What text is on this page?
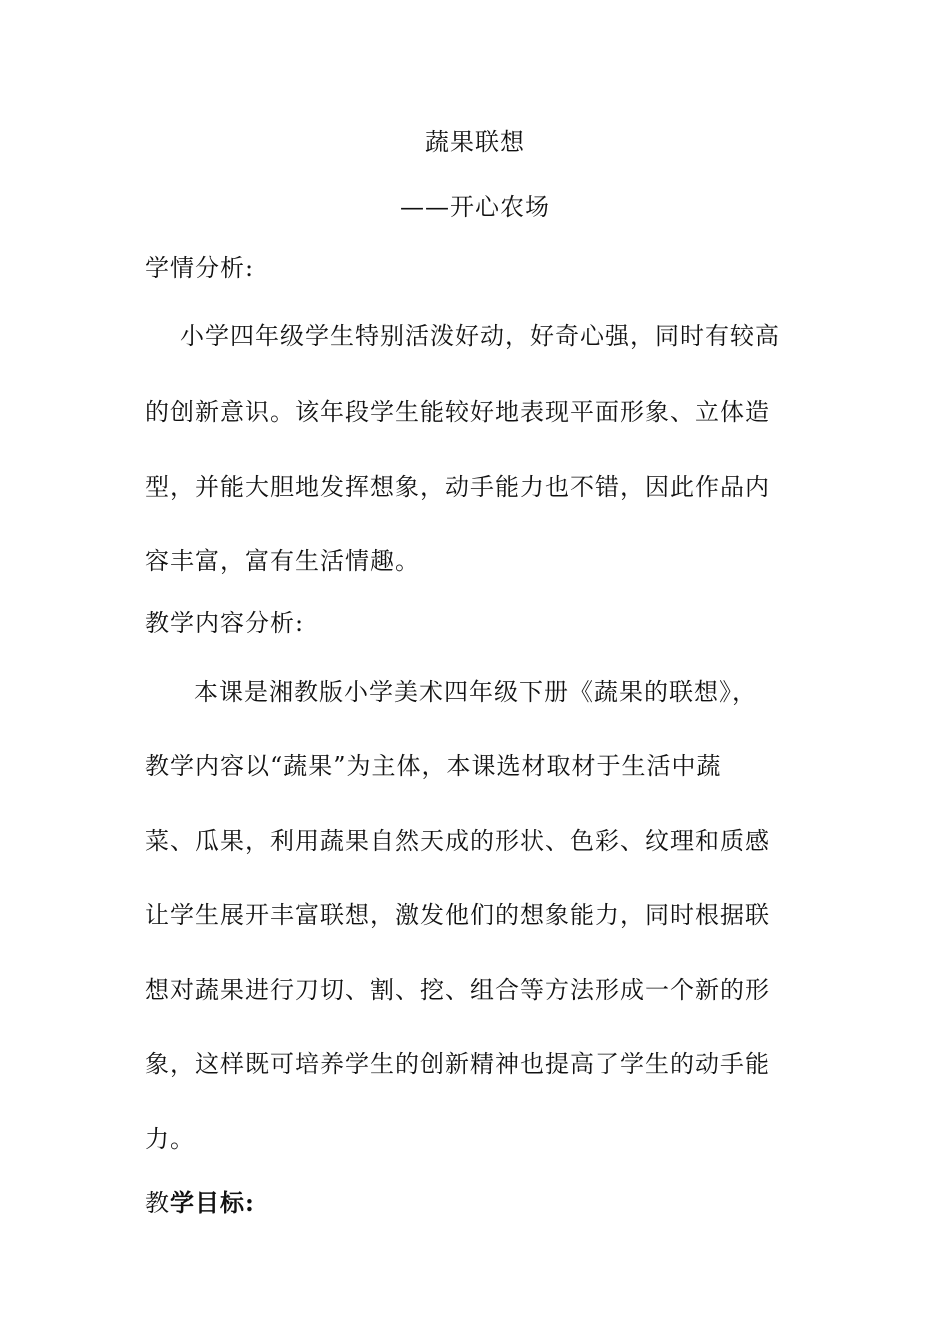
蔬果联想
——开心农场
学情分析:
小学四年级学生特别活泼好动，好奇心强，同时有较高
的创新意识。该年段学生能较好地表现平面形象、立体造
型，并能大胆地发挥想象，动手能力也不错，因此作品内
容丰富，富有生活情趣。
教学内容分析:
本课是湘教版小学美术四年级下册《蔬果的联想》，
教学内容以“蔬果”为主体，本课选材取材于生活中蔬
菜、瓜果，利用蔬果自然天成的形状、色彩、纹理和质感
让学生展开丰富联想，激发他们的想象能力，同时根据联
想对蔬果进行刀切、割、挖、组合等方法形成一个新的形
象，这样既可培养学生的创新精神也提高了学生的动手能
力。
教学目标:
